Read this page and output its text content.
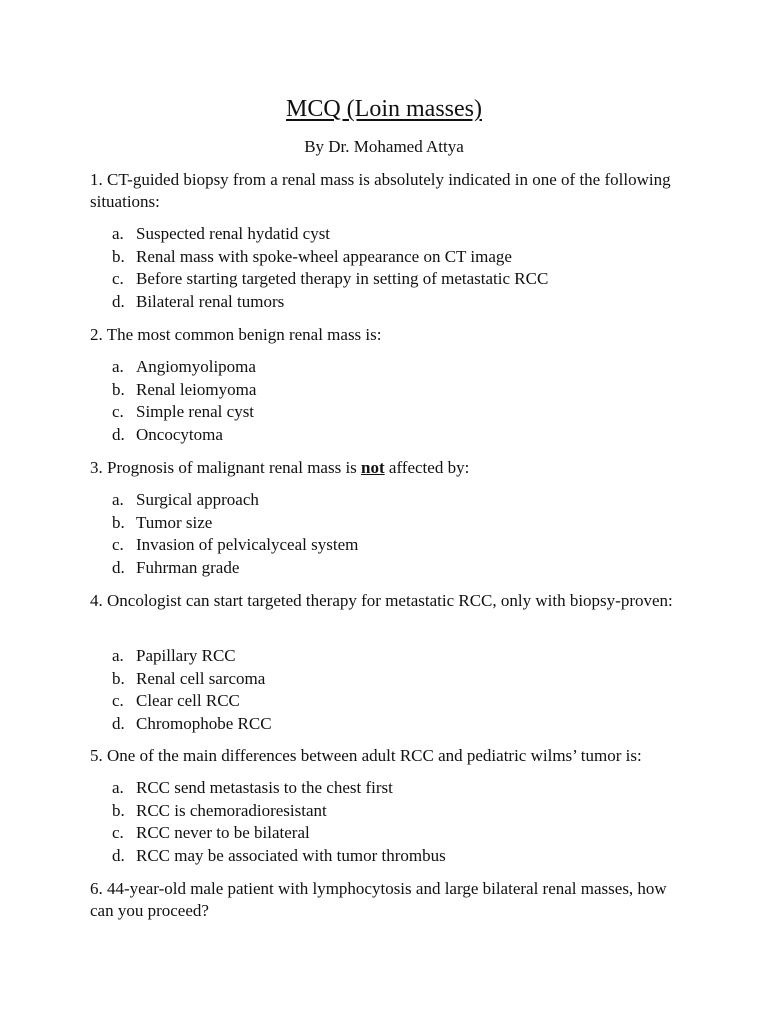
MCQ (Loin masses)
By Dr. Mohamed Attya
1. CT-guided biopsy from a renal mass is absolutely indicated in one of the following situations:
a. Suspected renal hydatid cyst
b. Renal mass with spoke-wheel appearance on CT image
c. Before starting targeted therapy in setting of metastatic RCC
d. Bilateral renal tumors
2. The most common benign renal mass is:
a. Angiomyolipoma
b. Renal leiomyoma
c. Simple renal cyst
d. Oncocytoma
3. Prognosis of malignant renal mass is not affected by:
a. Surgical approach
b. Tumor size
c. Invasion of pelvicalyceal system
d. Fuhrman grade
4. Oncologist can start targeted therapy for metastatic RCC, only with biopsy-proven:
a. Papillary RCC
b. Renal cell sarcoma
c. Clear cell RCC
d. Chromophobe RCC
5. One of the main differences between adult RCC and pediatric wilms’ tumor is:
a. RCC send metastasis to the chest first
b. RCC is chemoradioresistant
c. RCC never to be bilateral
d. RCC may be associated with tumor thrombus
6. 44-year-old male patient with lymphocytosis and large bilateral renal masses, how can you proceed?
